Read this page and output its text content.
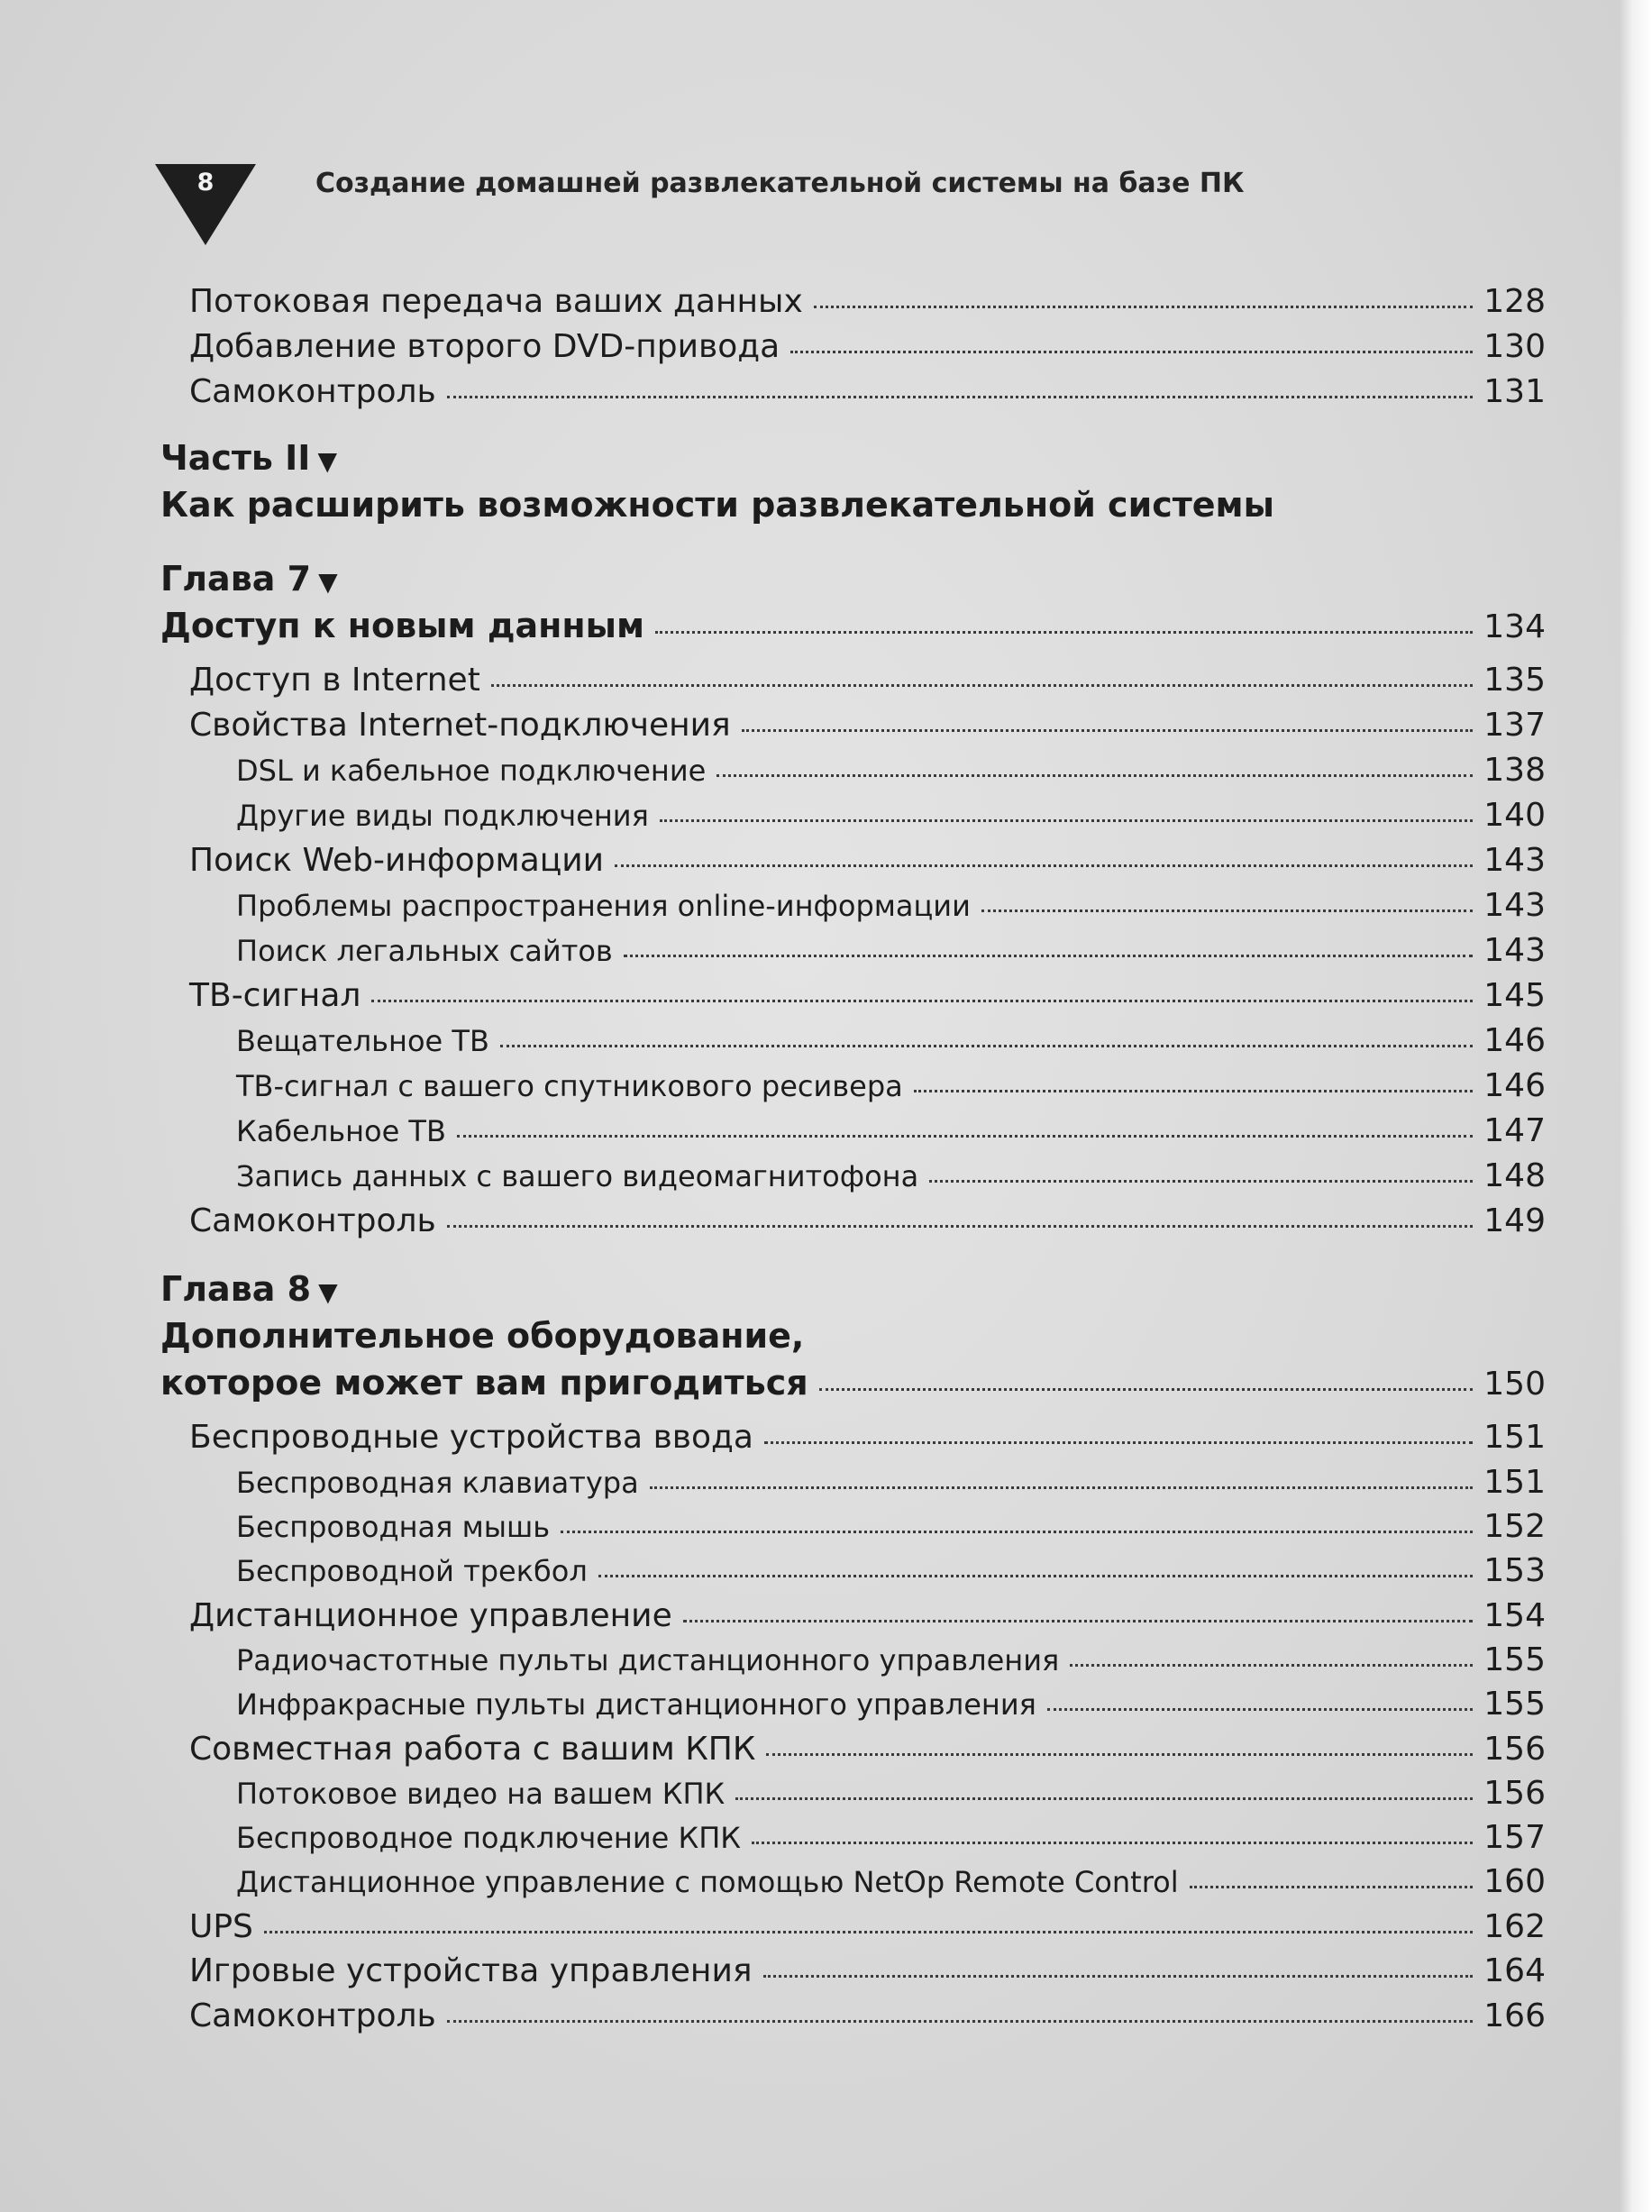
8	Создание домашней развлекательной системы на базе ПК
Потоковая передача ваших данных	128
Добавление второго DVD-привода	130
Самоконтроль	131
Часть II ▼
Как расширить возможности развлекательной системы
Глава 7 ▼
Доступ к новым данным	134
Доступ в Internet	135
Свойства Internet-подключения	137
DSL и кабельное подключение	138
Другие виды подключения	140
Поиск Web-информации	143
Проблемы распространения online-информации	143
Поиск легальных сайтов	143
ТВ-сигнал	145
Вещательное ТВ	146
ТВ-сигнал с вашего спутникового ресивера	146
Кабельное ТВ	147
Запись данных с вашего видеомагнитофона	148
Самоконтроль	149
Глава 8 ▼
Дополнительное оборудование,
которое может вам пригодиться	150
Беспроводные устройства ввода	151
Беспроводная клавиатура	151
Беспроводная мышь	152
Беспроводной трекбол	153
Дистанционное управление	154
Радиочастотные пульты дистанционного управления	155
Инфракрасные пульты дистанционного управления	155
Совместная работа с вашим КПК	156
Потоковое видео на вашем КПК	156
Беспроводное подключение КПК	157
Дистанционное управление с помощью NetOp Remote Control	160
UPS	162
Игровые устройства управления	164
Самоконтроль	166
